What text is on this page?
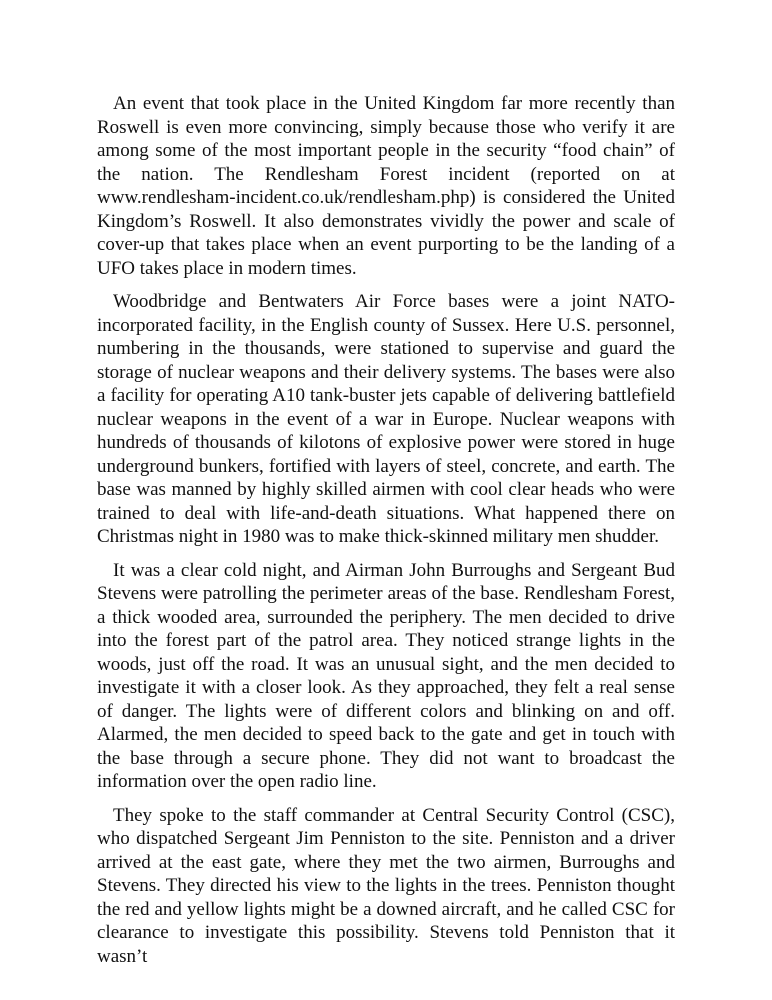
An event that took place in the United Kingdom far more recently than Roswell is even more convincing, simply because those who verify it are among some of the most important people in the security “food chain” of the nation. The Rendlesham Forest incident (reported on at www.rendlesham-incident.co.uk/rendlesham.php) is considered the United Kingdom’s Roswell. It also demonstrates vividly the power and scale of cover-up that takes place when an event purporting to be the landing of a UFO takes place in modern times.

Woodbridge and Bentwaters Air Force bases were a joint NATO-incorporated facility, in the English county of Sussex. Here U.S. personnel, numbering in the thousands, were stationed to supervise and guard the storage of nuclear weapons and their delivery systems. The bases were also a facility for operating A10 tank-buster jets capable of delivering battlefield nuclear weapons in the event of a war in Europe. Nuclear weapons with hundreds of thousands of kilotons of explosive power were stored in huge underground bunkers, fortified with layers of steel, concrete, and earth. The base was manned by highly skilled airmen with cool clear heads who were trained to deal with life-and-death situations. What happened there on Christmas night in 1980 was to make thick-skinned military men shudder.

It was a clear cold night, and Airman John Burroughs and Sergeant Bud Stevens were patrolling the perimeter areas of the base. Rendlesham Forest, a thick wooded area, surrounded the periphery. The men decided to drive into the forest part of the patrol area. They noticed strange lights in the woods, just off the road. It was an unusual sight, and the men decided to investigate it with a closer look. As they approached, they felt a real sense of danger. The lights were of different colors and blinking on and off. Alarmed, the men decided to speed back to the gate and get in touch with the base through a secure phone. They did not want to broadcast the information over the open radio line.

They spoke to the staff commander at Central Security Control (CSC), who dispatched Sergeant Jim Penniston to the site. Penniston and a driver arrived at the east gate, where they met the two airmen, Burroughs and Stevens. They directed his view to the lights in the trees. Penniston thought the red and yellow lights might be a downed aircraft, and he called CSC for clearance to investigate this possibility. Stevens told Penniston that it wasn’t
